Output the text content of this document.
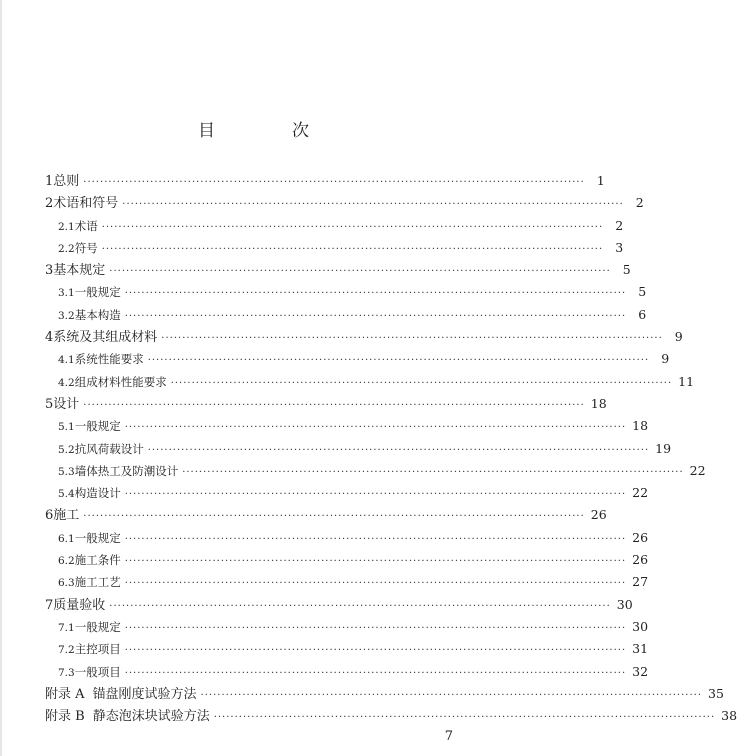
目　次
1 总则 ························································································································ 1
2 术语和符号 ························································································································ 2
2.1 术语 ························································································································ 2
2.2 符号 ························································································································ 3
3 基本规定 ························································································································ 5
3.1 一般规定 ························································································································ 5
3.2 基本构造 ························································································································ 6
4 系统及其组成材料 ························································································································ 9
4.1 系统性能要求 ························································································································ 9
4.2 组成材料性能要求 ························································································································ 11
5 设计 ························································································································ 18
5.1 一般规定 ························································································································ 18
5.2 抗风荷载设计 ························································································································ 19
5.3 墙体热工及防潮设计 ························································································································ 22
5.4 构造设计 ························································································································ 22
6 施工 ························································································································ 26
6.1 一般规定 ························································································································ 26
6.2 施工条件 ························································································································ 26
6.3 施工工艺 ························································································································ 27
7 质量验收 ························································································································ 30
7.1 一般规定 ························································································································ 30
7.2 主控项目 ························································································································ 31
7.3 一般项目 ························································································································ 32
附录 A 锚盘刚度试验方法 ························································································································ 35
附录 B 静态泡沫块试验方法 ························································································································ 38
7
